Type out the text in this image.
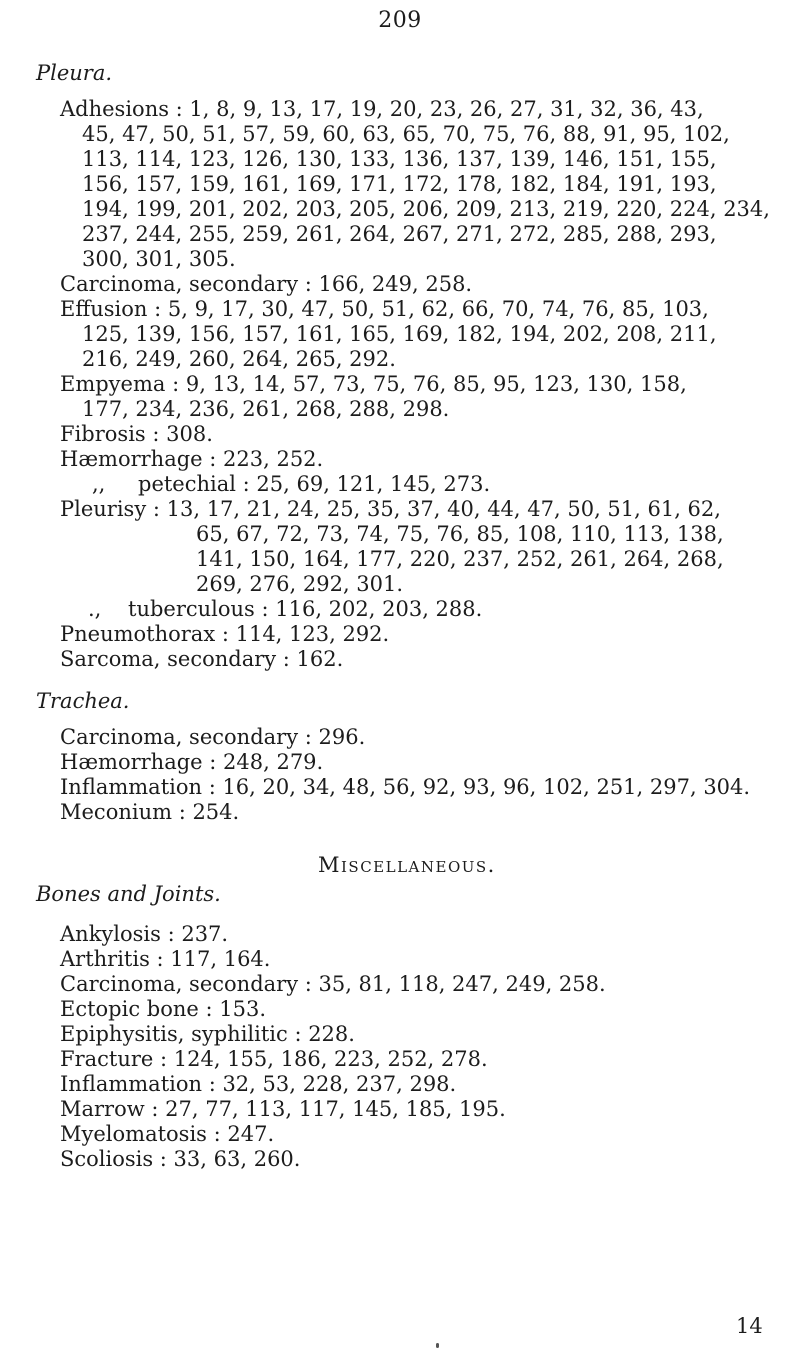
209
Pleura.
Adhesions : 1, 8, 9, 13, 17, 19, 20, 23, 26, 27, 31, 32, 36, 43,
45, 47, 50, 51, 57, 59, 60, 63, 65, 70, 75, 76, 88, 91, 95, 102,
113, 114, 123, 126, 130, 133, 136, 137, 139, 146, 151, 155,
156, 157, 159, 161, 169, 171, 172, 178, 182, 184, 191, 193,
194, 199, 201, 202, 203, 205, 206, 209, 213, 219, 220, 224, 234,
237, 244, 255, 259, 261, 264, 267, 271, 272, 285, 288, 293,
300, 301, 305.
Carcinoma, secondary : 166, 249, 258.
Effusion : 5, 9, 17, 30, 47, 50, 51, 62, 66, 70, 74, 76, 85, 103,
125, 139, 156, 157, 161, 165, 169, 182, 194, 202, 208, 211,
216, 249, 260, 264, 265, 292.
Empyema : 9, 13, 14, 57, 73, 75, 76, 85, 95, 123, 130, 158,
177, 234, 236, 261, 268, 288, 298.
Fibrosis : 308.
Hæmorrhage : 223, 252.
,, petechial : 25, 69, 121, 145, 273.
Pleurisy : 13, 17, 21, 24, 25, 35, 37, 40, 44, 47, 50, 51, 61, 62,
65, 67, 72, 73, 74, 75, 76, 85, 108, 110, 113, 138,
141, 150, 164, 177, 220, 237, 252, 261, 264, 268,
269, 276, 292, 301.
., tuberculous : 116, 202, 203, 288.
Pneumothorax : 114, 123, 292.
Sarcoma, secondary : 162.
Trachea.
Carcinoma, secondary : 296.
Hæmorrhage : 248, 279.
Inflammation : 16, 20, 34, 48, 56, 92, 93, 96, 102, 251, 297, 304.
Meconium : 254.
Miscellaneous.
Bones and Joints.
Ankylosis : 237.
Arthritis : 117, 164.
Carcinoma, secondary : 35, 81, 118, 247, 249, 258.
Ectopic bone : 153.
Epiphysitis, syphilitic : 228.
Fracture : 124, 155, 186, 223, 252, 278.
Inflammation : 32, 53, 228, 237, 298.
Marrow : 27, 77, 113, 117, 145, 185, 195.
Myelomatosis : 247.
Scoliosis : 33, 63, 260.
14
